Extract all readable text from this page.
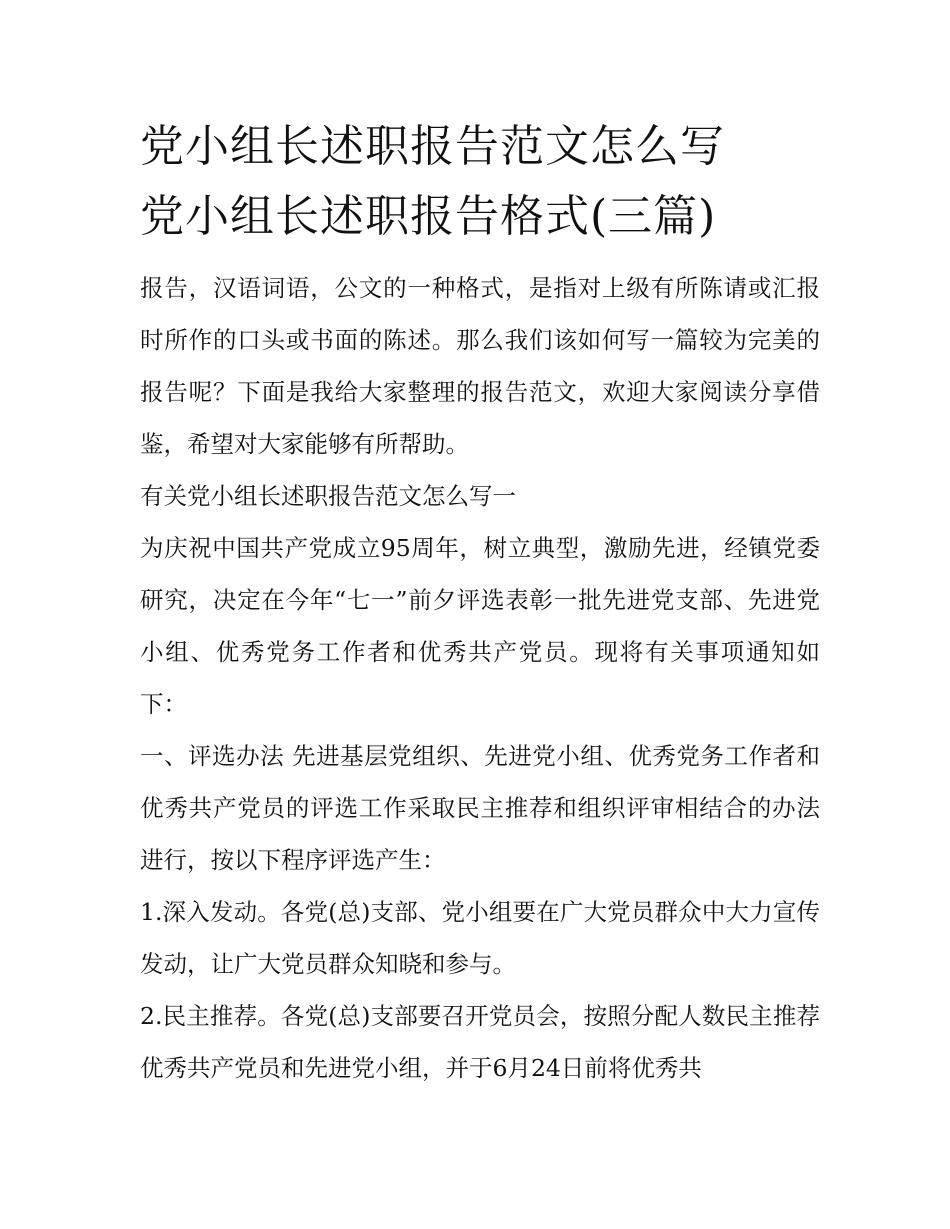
党小组长述职报告范文怎么写
党小组长述职报告格式(三篇)

报告，汉语词语，公文的一种格式，是指对上级有所陈请或汇报时所作的口头或书面的陈述。那么我们该如何写一篇较为完美的报告呢？下面是我给大家整理的报告范文，欢迎大家阅读分享借鉴，希望对大家能够有所帮助。

有关党小组长述职报告范文怎么写一

为庆祝中国共产党成立95周年，树立典型，激励先进，经镇党委研究，决定在今年“七一”前夕评选表彰一批先进党支部、先进党小组、优秀党务工作者和优秀共产党员。现将有关事项通知如下：

一、评选办法 先进基层党组织、先进党小组、优秀党务工作者和优秀共产党员的评选工作采取民主推荐和组织评审相结合的办法进行，按以下程序评选产生：

1.深入发动。各党(总)支部、党小组要在广大党员群众中大力宣传发动，让广大党员群众知晓和参与。

2.民主推荐。各党(总)支部要召开党员会，按照分配人数民主推荐优秀共产党员和先进党小组，并于6月24日前将优秀共
